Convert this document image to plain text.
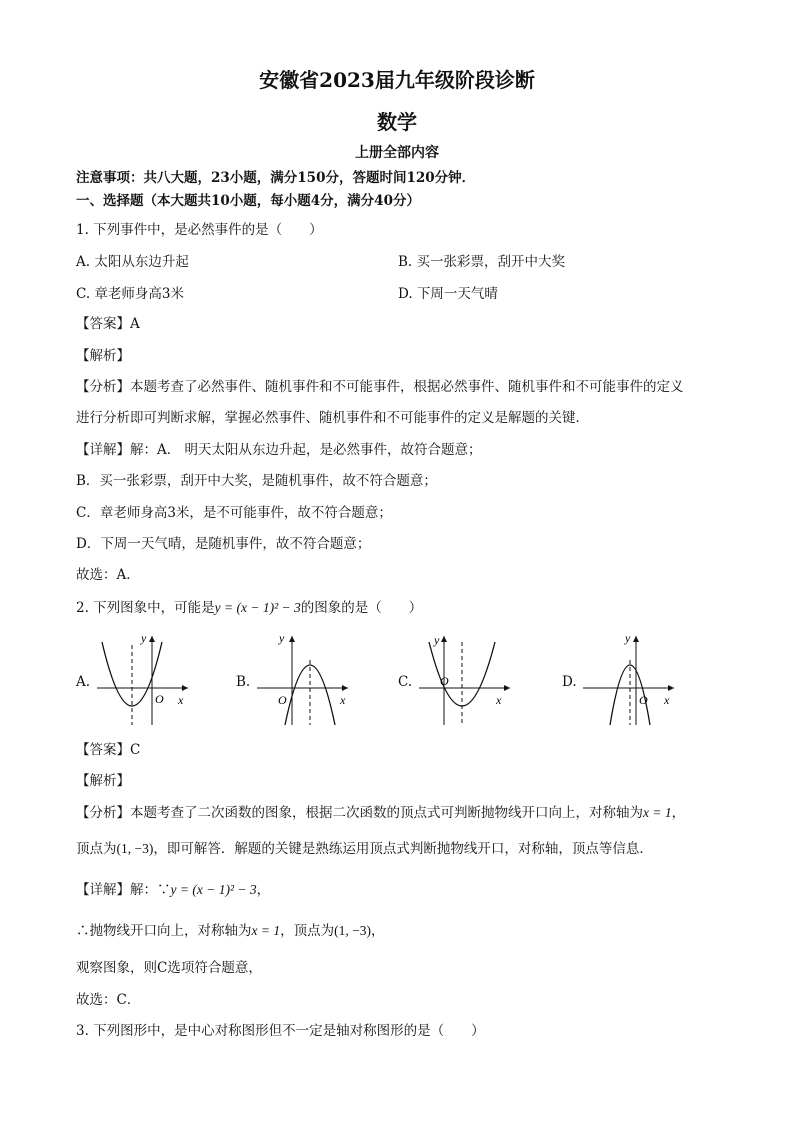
安徽省2023届九年级阶段诊断
数学
上册全部内容
注意事项：共八大题，23小题，满分150分，答题时间120分钟．
一、选择题（本大题共10小题，每小题4分，满分40分）
1. 下列事件中，是必然事件的是（　　）
A. 太阳从东边升起	B. 买一张彩票，刮开中大奖
C. 章老师身高3米	D. 下周一天气晴
【答案】A
【解析】
【分析】本题考查了必然事件、随机事件和不可能事件，根据必然事件、随机事件和不可能事件的定义
进行分析即可判断求解，掌握必然事件、随机事件和不可能事件的定义是解题的关键．
【详解】解：A． 明天太阳从东边升起，是必然事件，故符合题意；
B．买一张彩票，刮开中大奖，是随机事件，故不符合题意；
C．章老师身高3米，是不可能事件，故不符合题意；
D．下周一天气晴，是随机事件，故不符合题意；
故选：A．
2. 下列图象中，可能是y = (x − 1)² − 3的图象的是（　　）
A.
y
x
O
B.
y
x
O
C.
y
x
O	D.
y
x
O
【答案】C
【解析】
【分析】本题考查了二次函数的图象，根据二次函数的顶点式可判断抛物线开口向上，对称轴为x = 1，
顶点为(1, −3)，即可解答．解题的关键是熟练运用顶点式判断抛物线开口，对称轴，顶点等信息．
【详解】解：∵y = (x − 1)² − 3，
∴抛物线开口向上，对称轴为x = 1，顶点为(1, −3)，
观察图象，则C选项符合题意，
故选：C．
3. 下列图形中，是中心对称图形但不一定是轴对称图形的是（　　）
